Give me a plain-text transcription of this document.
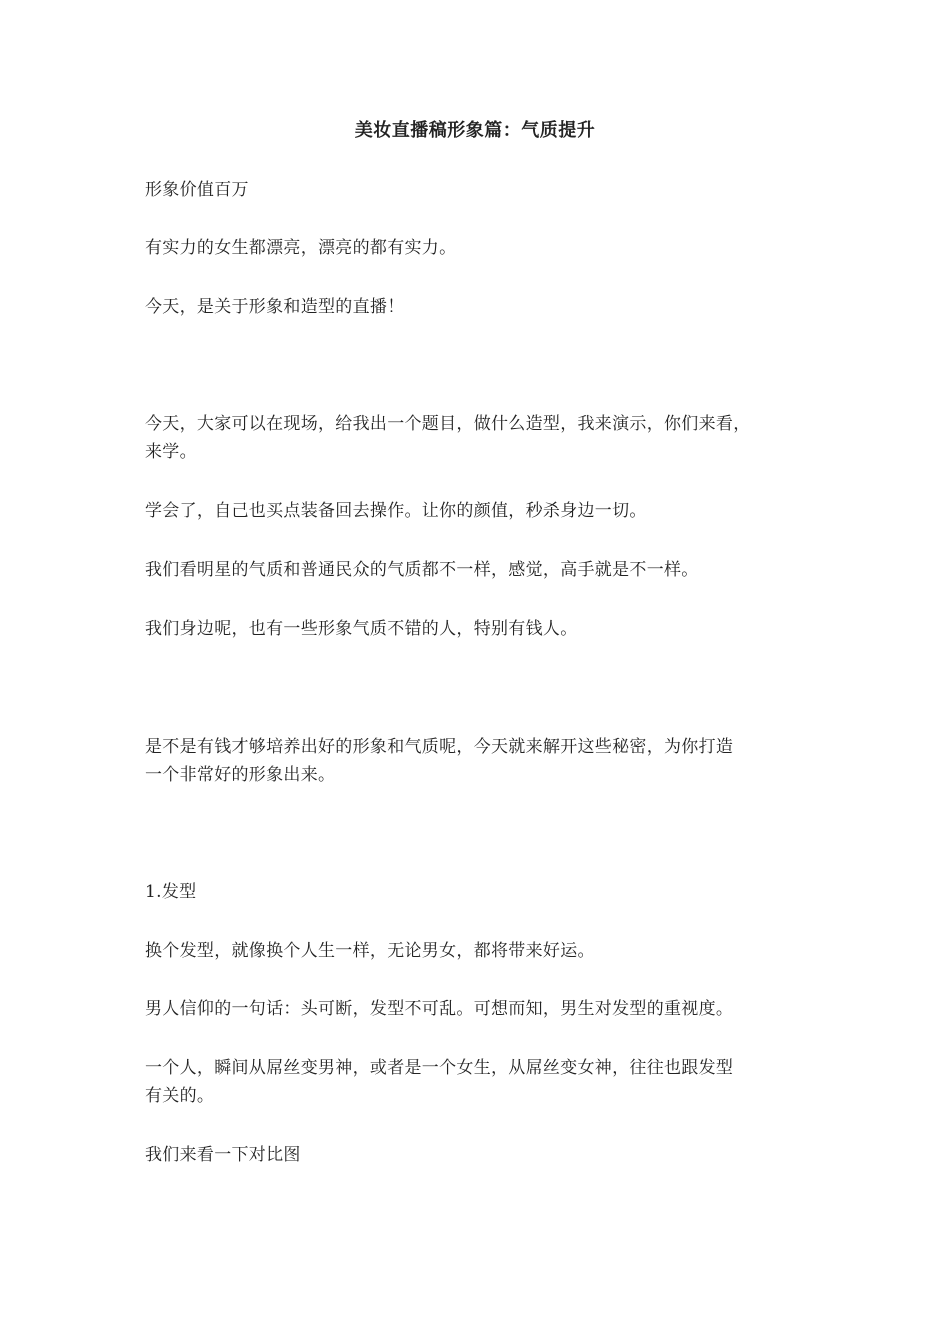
美妆直播稿形象篇：气质提升
形象价值百万
有实力的女生都漂亮，漂亮的都有实力。
今天，是关于形象和造型的直播！
今天，大家可以在现场，给我出一个题目，做什么造型，我来演示，你们来看，
来学。
学会了，自己也买点装备回去操作。让你的颜值，秒杀身边一切。
我们看明星的气质和普通民众的气质都不一样，感觉，高手就是不一样。
我们身边呢，也有一些形象气质不错的人，特别有钱人。
是不是有钱才够培养出好的形象和气质呢，今天就来解开这些秘密，为你打造
一个非常好的形象出来。
1.发型
换个发型，就像换个人生一样，无论男女，都将带来好运。
男人信仰的一句话：头可断，发型不可乱。可想而知，男生对发型的重视度。
一个人，瞬间从屌丝变男神，或者是一个女生，从屌丝变女神，往往也跟发型
有关的。
我们来看一下对比图
